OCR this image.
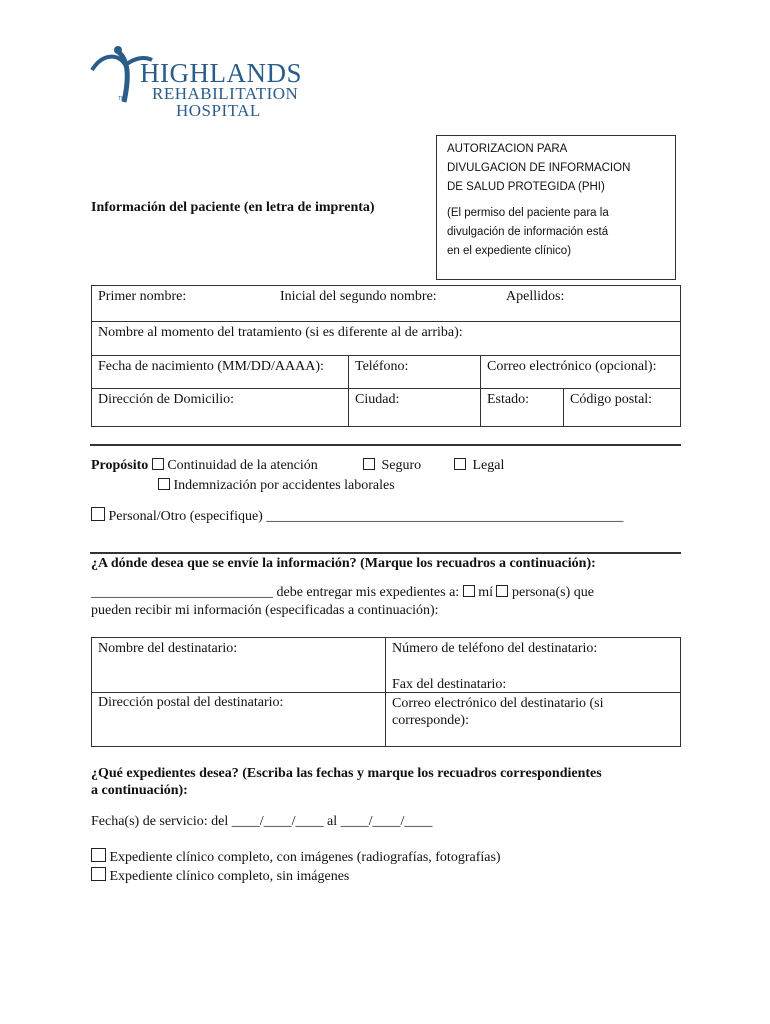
HIGHLANDS
REHABILITATION
HOSPITAL
TM
AUTORIZACION PARA
DIVULGACION DE INFORMACION
DE SALUD PROTEGIDA (PHI)
(El permiso del paciente para la
divulgación de información está
en el expediente clínico)
Información del paciente (en letra de imprenta)
Primer nombre: Inicial del segundo nombre: Apellidos:			

Nombre al momento del tratamiento (si es diferente al de arriba):			
Fecha de nacimiento (MM/DD/AAAA):	Teléfono:	Correo electrónico (opcional):	
Dirección de Domicilio:	Ciudad:	Estado:	Código postal:
Propósito Continuidad de la atención	Seguro	Legal
Indemnización por accidentes laborales
Personal/Otro (especifique) ___________________________________________________
¿A dónde desea que se envíe la información? (Marque los recuadros a continuación):
__________________________ debe entregar mis expedientes a: mí persona(s) que
pueden recibir mi información (especificadas a continuación):
Nombre del destinatario:	Número de teléfono del destinatario:
Fax del destinatario:

Dirección postal del destinatario:	Correo electrónico del destinatario (si
corresponde):
¿Qué expedientes desea? (Escriba las fechas y marque los recuadros correspondientes
a continuación):
Fecha(s) de servicio: del ____/____/____ al ____/____/____
Expediente clínico completo, con imágenes (radiografías, fotografías)
Expediente clínico completo, sin imágenes
